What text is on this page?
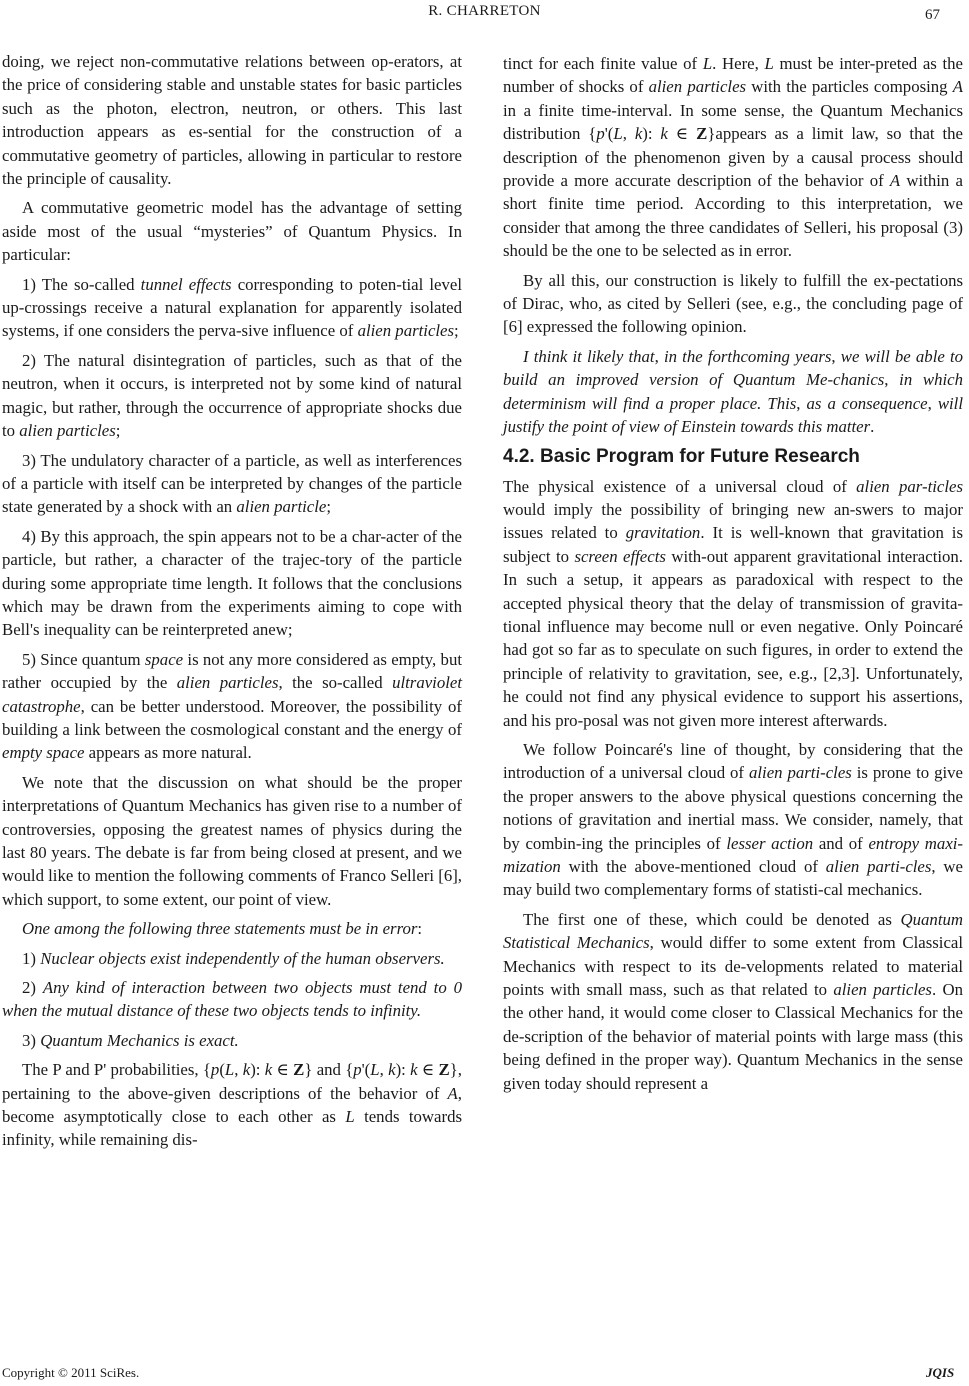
R. CHARRETON	67

doing, we reject non-commutative relations between op-erators, at the price of considering stable and unstable states for basic particles such as the photon, electron, neutron, or others. This last introduction appears as es-sential for the construction of a commutative geometry of particles, allowing in particular to restore the principle of causality.

A commutative geometric model has the advantage of setting aside most of the usual “mysteries” of Quantum Physics. In particular:

1) The so-called tunnel effects corresponding to poten-tial level up-crossings receive a natural explanation for apparently isolated systems, if one considers the perva-sive influence of alien particles;

2) The natural disintegration of particles, such as that of the neutron, when it occurs, is interpreted not by some kind of natural magic, but rather, through the occurrence of appropriate shocks due to alien particles;

3) The undulatory character of a particle, as well as interferences of a particle with itself can be interpreted by changes of the particle state generated by a shock with an alien particle;

4) By this approach, the spin appears not to be a char-acter of the particle, but rather, a character of the trajec-tory of the particle during some appropriate time length. It follows that the conclusions which may be drawn from the experiments aiming to cope with Bell's inequality can be reinterpreted anew;

5) Since quantum space is not any more considered as empty, but rather occupied by the alien particles, the so-called ultraviolet catastrophe, can be better understood. Moreover, the possibility of building a link between the cosmological constant and the energy of empty space appears as more natural.

We note that the discussion on what should be the proper interpretations of Quantum Mechanics has given rise to a number of controversies, opposing the greatest names of physics during the last 80 years. The debate is far from being closed at present, and we would like to mention the following comments of Franco Selleri [6], which support, to some extent, our point of view.

One among the following three statements must be in error:

1) Nuclear objects exist independently of the human observers.

2) Any kind of interaction between two objects must tend to 0 when the mutual distance of these two objects tends to infinity.

3) Quantum Mechanics is exact.

The P and P' probabilities, {p(L, k): k ∈ Z} and {p'(L, k): k ∈ Z}, pertaining to the above-given descriptions of the behavior of A, become asymptotically close to each other as L tends towards infinity, while remaining dis-

tinct for each finite value of L. Here, L must be inter-preted as the number of shocks of alien particles with the particles composing A in a finite time-interval. In some sense, the Quantum Mechanics distribution {p'(L, k): k ∈ Z}appears as a limit law, so that the description of the phenomenon given by a causal process should provide a more accurate description of the behavior of A within a short finite time period. According to this interpretation, we consider that among the three candidates of Selleri, his proposal (3) should be the one to be selected as in error.

By all this, our construction is likely to fulfill the ex-pectations of Dirac, who, as cited by Selleri (see, e.g., the concluding page of [6] expressed the following opinion.

I think it likely that, in the forthcoming years, we will be able to build an improved version of Quantum Me-chanics, in which determinism will find a proper place. This, as a consequence, will justify the point of view of Einstein towards this matter.

4.2. Basic Program for Future Research

The physical existence of a universal cloud of alien par-ticles would imply the possibility of bringing new an-swers to major issues related to gravitation. It is well-known that gravitation is subject to screen effects with-out apparent gravitational interaction. In such a setup, it appears as paradoxical with respect to the accepted physical theory that the delay of transmission of gravita-tional influence may become null or even negative. Only Poincaré had got so far as to speculate on such figures, in order to extend the principle of relativity to gravitation, see, e.g., [2,3]. Unfortunately, he could not find any physical evidence to support his assertions, and his pro-posal was not given more interest afterwards.

We follow Poincaré's line of thought, by considering that the introduction of a universal cloud of alien parti-cles is prone to give the proper answers to the above physical questions concerning the notions of gravitation and inertial mass. We consider, namely, that by combin-ing the principles of lesser action and of entropy maxi-mization with the above-mentioned cloud of alien parti-cles, we may build two complementary forms of statisti-cal mechanics.

The first one of these, which could be denoted as Quantum Statistical Mechanics, would differ to some extent from Classical Mechanics with respect to its de-velopments related to material points with small mass, such as that related to alien particles. On the other hand, it would come closer to Classical Mechanics for the de-scription of the behavior of material points with large mass (this being defined in the proper way). Quantum Mechanics in the sense given today should represent a

Copyright © 2011 SciRes.	JQIS
